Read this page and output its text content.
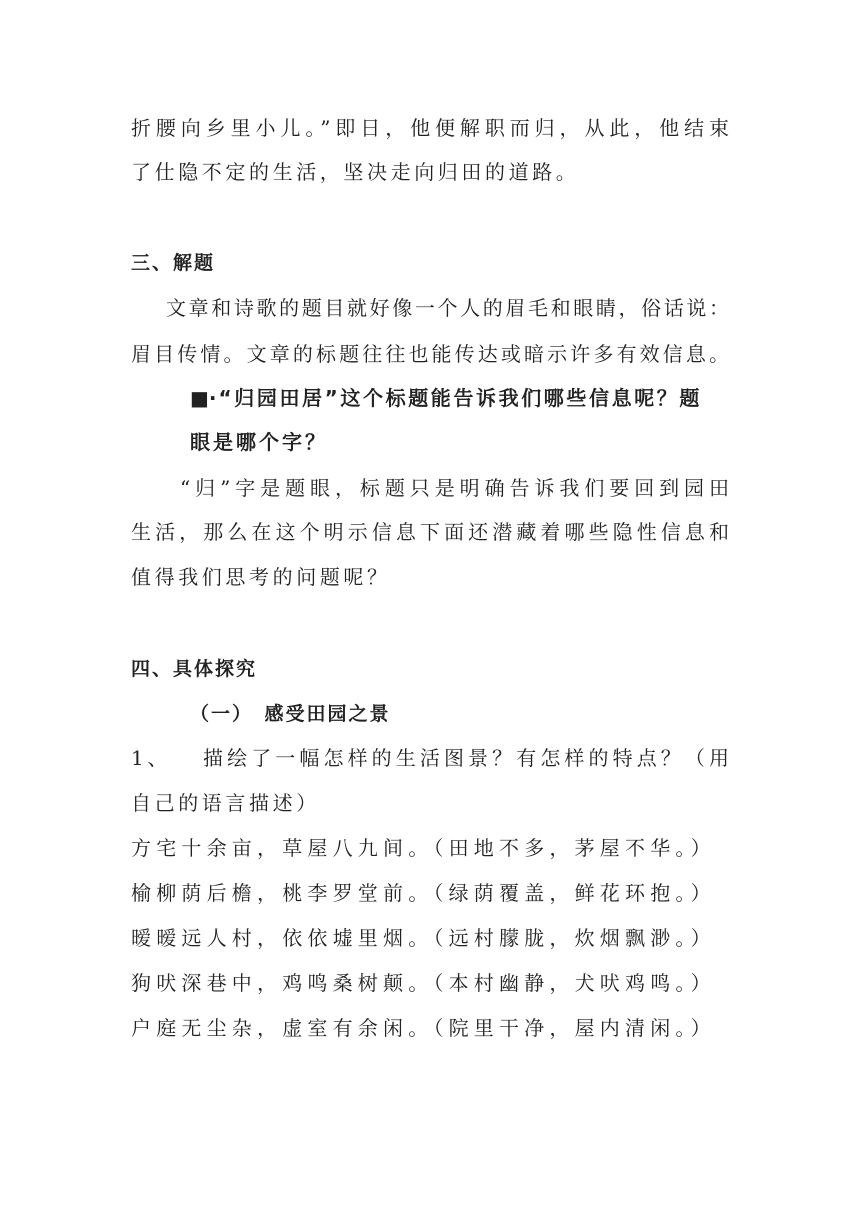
折腰向乡里小儿。”即日，他便解职而归，从此，他结束
了仕隐不定的生活，坚决走向归田的道路。
三、解题
文章和诗歌的题目就好像一个人的眉毛和眼睛，俗话说：
眉目传情。文章的标题往往也能传达或暗示许多有效信息。
■· “归园田居”这个标题能告诉我们哪些信息呢？题
眼是哪个字？
“归”字是题眼，标题只是明确告诉我们要回到园田
生活，那么在这个明示信息下面还潜藏着哪些隐性信息和
值得我们思考的问题呢？
四、具体探究
（一）　感受田园之景
1、 描绘了一幅怎样的生活图景？有怎样的特点？（用
自己的语言描述）
方宅十余亩，草屋八九间。（田地不多，茅屋不华。）
榆柳荫后檐，桃李罗堂前。（绿荫覆盖，鲜花环抱。）
暧暧远人村，依依墟里烟。（远村朦胧，炊烟飘渺。）
狗吠深巷中，鸡鸣桑树颠。（本村幽静，犬吠鸡鸣。）
户庭无尘杂，虚室有余闲。（院里干净，屋内清闲。）
